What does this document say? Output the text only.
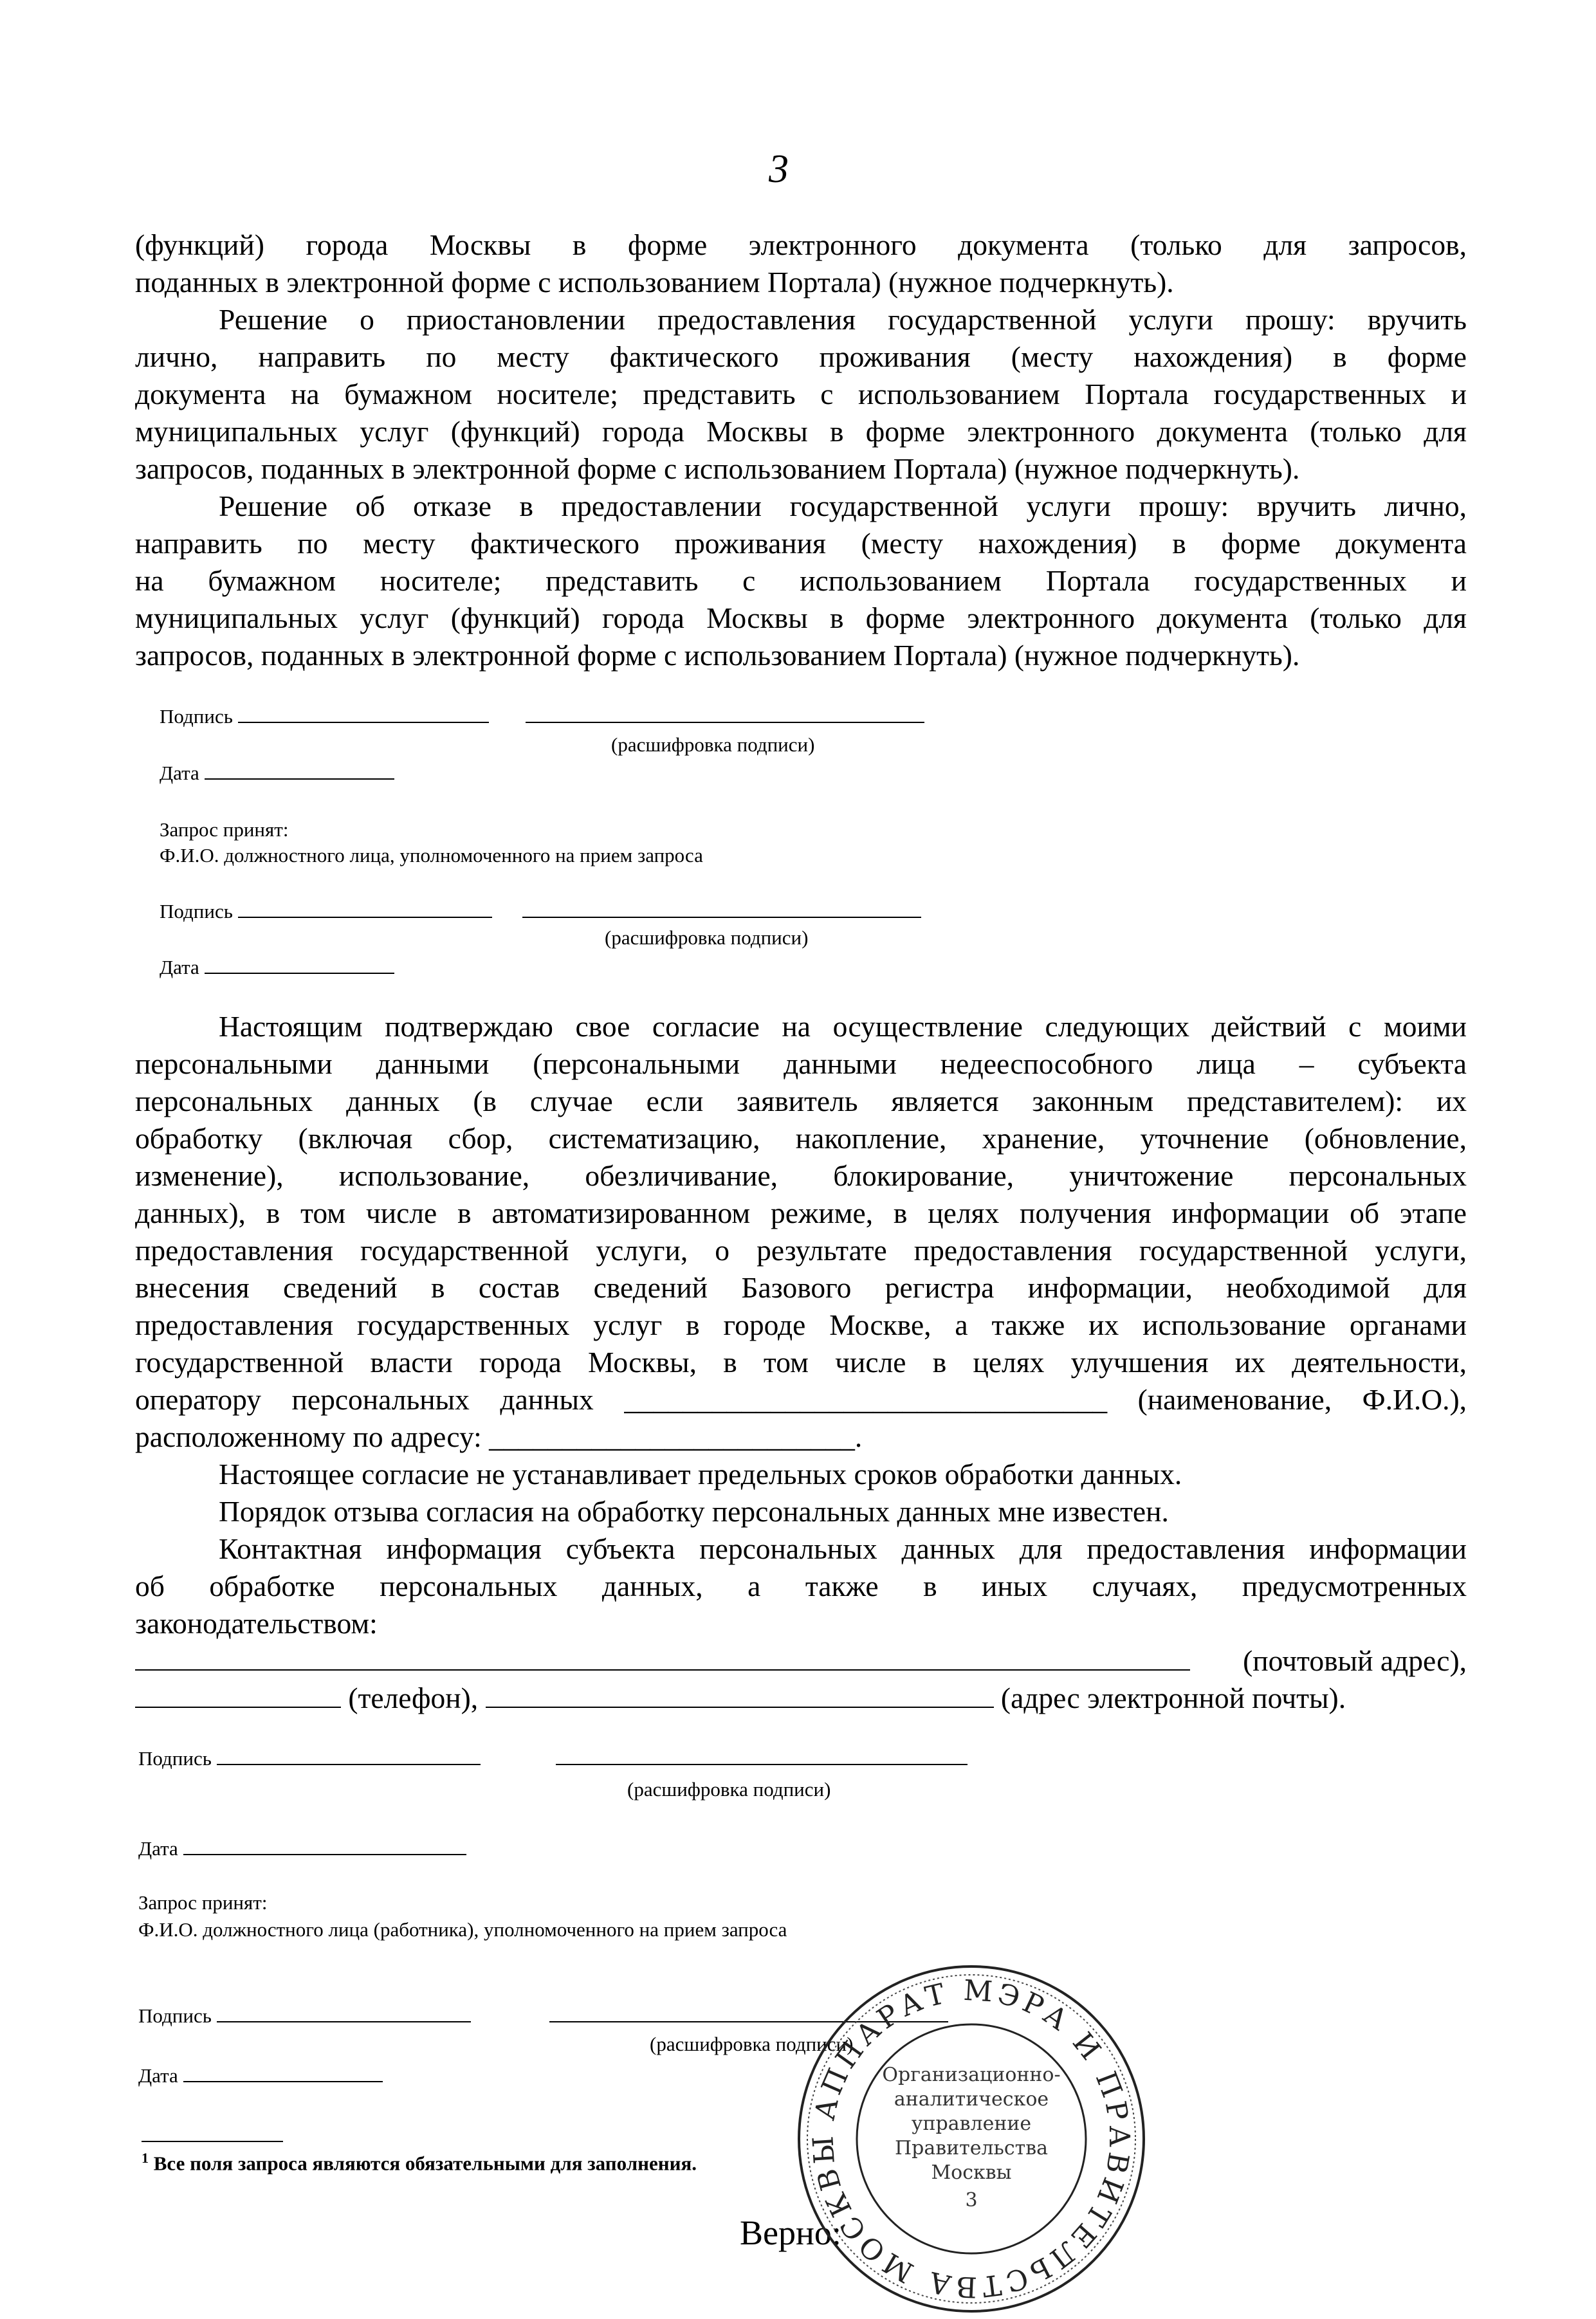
3
(функций) города Москвы в форме электронного документа (только для запросов,
поданных в электронной форме с использованием Портала) (нужное подчеркнуть).
Решение о приостановлении предоставления государственной услуги прошу: вручить
лично, направить по месту фактического проживания (месту нахождения) в форме
документа на бумажном носителе; представить с использованием Портала государственных и
муниципальных услуг (функций) города Москвы в форме электронного документа (только для
запросов, поданных в электронной форме с использованием Портала) (нужное подчеркнуть).
Решение об отказе в предоставлении государственной услуги прошу: вручить лично,
направить по месту фактического проживания (месту нахождения) в форме документа
на бумажном носителе; представить с использованием Портала государственных и
муниципальных услуг (функций) города Москвы в форме электронного документа (только для
запросов, поданных в электронной форме с использованием Портала) (нужное подчеркнуть).
Подпись
(расшифровка подписи)
Дата
Запрос принят:
Ф.И.О. должностного лица, уполномоченного на прием запроса
Подпись
(расшифровка подписи)
Дата
Настоящим подтверждаю свое согласие на осуществление следующих действий с моими
персональными данными (персональными данными недееспособного лица – субъекта
персональных данных (в случае если заявитель является законным представителем): их
обработку (включая сбор, систематизацию, накопление, хранение, уточнение (обновление,
изменение), использование, обезличивание, блокирование, уничтожение персональных
данных), в том числе в автоматизированном режиме, в целях получения информации об этапе
предоставления государственной услуги, о результате предоставления государственной услуги,
внесения сведений в состав сведений Базового регистра информации, необходимой для
предоставления государственных услуг в городе Москве, а также их использование органами
государственной власти города Москвы, в том числе в целях улучшения их деятельности,
оператору персональных данных _________________________________ (наименование, Ф.И.О.),
расположенному по адресу: _________________________.
Настоящее согласие не устанавливает предельных сроков обработки данных.
Порядок отзыва согласия на обработку персональных данных мне известен.
Контактная информация субъекта персональных данных для предоставления информации
об обработке персональных данных, а также в иных случаях, предусмотренных
законодательством:
(почтовый адрес),
(телефон),	(адрес электронной почты).
Подпись
(расшифровка подписи)
Дата
Запрос принят:
Ф.И.О. должностного лица (работника), уполномоченного на прием запроса
Подпись
(расшифровка подписи)
Дата
$^1$ Все поля запроса являются обязательными для заполнения.
Верно:
АППАРАТ МЭРА И ПРАВИТЕЛЬСТВА МОСКВЫ
Организационно-
аналитическое
управление
Правительства
Москвы
3
